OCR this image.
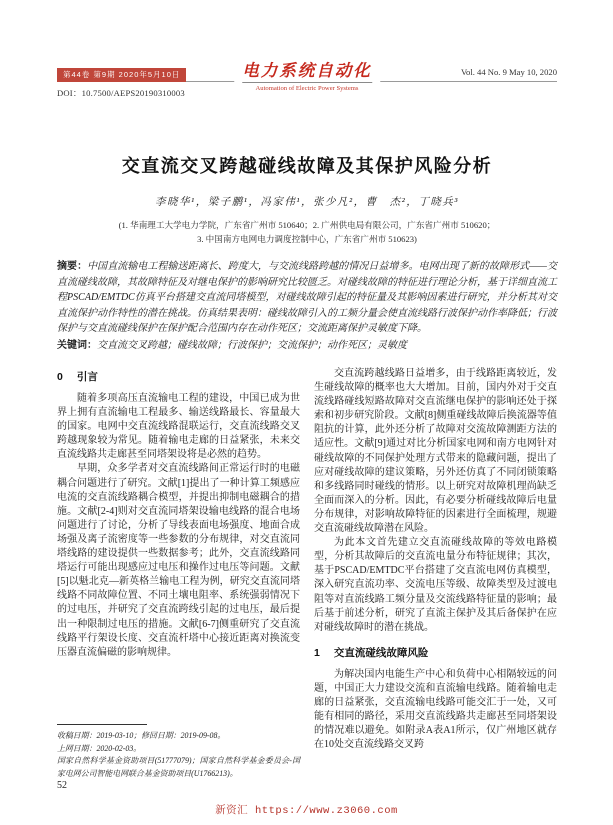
第44卷 第9期 2020年5月10日
DOI：10.7500/AEPS20190310003
电力系统自动化
Automation of Electric Power Systems
Vol. 44 No. 9 May 10, 2020
交直流交叉跨越碰线故障及其保护风险分析
李晓华¹，梁子鹏¹，冯家伟¹，张少凡²，曹　杰²，丁晓兵³
(1. 华南理工大学电力学院，广东省广州市 510640；2. 广州供电局有限公司，广东省广州市 510620；
3. 中国南方电网电力调度控制中心，广东省广州市 510623)
摘要：中国直流输电工程输送距离长、跨度大，与交流线路跨越的情况日益增多。电网出现了新的故障形式——交直流碰线故障，其故障特征及对继电保护的影响研究比较匮乏。对碰线故障的特征进行理论分析，基于详细直流工程PSCAD/EMTDC仿真平台搭建交直流同塔模型，对碰线故障引起的特征量及其影响因素进行研究，并分析其对交直流保护动作特性的潜在挑战。仿真结果表明：碰线故障引入的工频分量会使直流线路行波保护动作率降低；行波保护与交直流碰线保护在保护配合范围内存在动作死区；交流距离保护灵敏度下降。
关键词：交直流交叉跨越；碰线故障；行波保护；交流保护；动作死区；灵敏度
0 引言

随着多项高压直流输电工程的建设，中国已成为世界上拥有直流输电工程最多、输送线路最长、容量最大的国家。电网中交直流线路混联运行，交直流线路交叉跨越现象较为常见。随着输电走廊的日益紧张，未来交直流线路共走廊甚至同塔架设将是必然的趋势。

早期，众多学者对交直流线路间正常运行时的电磁耦合问题进行了研究。文献[1]提出了一种计算工频感应电流的交直流线路耦合模型，并提出抑制电磁耦合的措施。文献[2-4]则对交直流同塔架设输电线路的混合电场问题进行了讨论，分析了导线表面电场强度、地面合成场强及离子流密度等一些参数的分布规律，对交直流同塔线路的建设提供一些数据参考；此外，交直流线路同塔运行可能出现感应过电压和操作过电压等问题。文献[5]以魁北克—新英格兰输电工程为例，研究交直流同塔线路不同故障位置、不同土壤电阻率、系统强弱情况下的过电压，并研究了交直流跨线引起的过电压，最后提出一种限制过电压的措施。文献[6-7]侧重研究了交直流线路平行架设长度、交直流杆塔中心接近距离对换流变压器直流偏磁的影响规律。

收稿日期：2019-03-10；修回日期：2019-09-08。
上网日期：2020-02-03。
国家自然科学基金资助项目(51777079)；国家自然科学基金委员会-国家电网公司智能电网联合基金资助项目(U1766213)。

交直流跨越线路日益增多，由于线路距离较近，发生碰线故障的概率也大大增加。目前，国内外对于交直流线路碰线短路故障对交直流继电保护的影响还处于探索和初步研究阶段。文献[8]侧重碰线故障后换流器等值阻抗的计算，此外还分析了故障对交流故障测距方法的适应性。文献[9]通过对比分析国家电网和南方电网针对碰线故障的不同保护处理方式带来的隐藏问题，提出了应对碰线故障的建议策略，另外还仿真了不同闭锁策略和多线路同时碰线的情形。以上研究对故障机理尚缺乏全面而深入的分析。因此，有必要分析碰线故障后电量分布规律，对影响故障特征的因素进行全面梳理，规避交直流碰线故障潜在风险。

为此本文首先建立交直流碰线故障的等效电路模型，分析其故障后的交直流电量分布特征规律；其次，基于PSCAD/EMTDC平台搭建了交直流电网仿真模型，深入研究直流功率、交流电压等级、故障类型及过渡电阻等对直流线路工频分量及交流线路特征量的影响；最后基于前述分析，研究了直流主保护及其后备保护在应对碰线故障时的潜在挑战。

1 交直流碰线故障风险

为解决国内电能生产中心和负荷中心相隔较远的问题，中国正大力建设交流和直流输电线路。随着输电走廊的日益紧张，交直流输电线路可能交汇于一处，又可能有相同的路径，采用交直流线路共走廊甚至同塔架设的情况难以避免。如附录A表A1所示，仅广州地区就存在10处交直流线路交叉跨

52
新资汇 https://www.z3060.com
